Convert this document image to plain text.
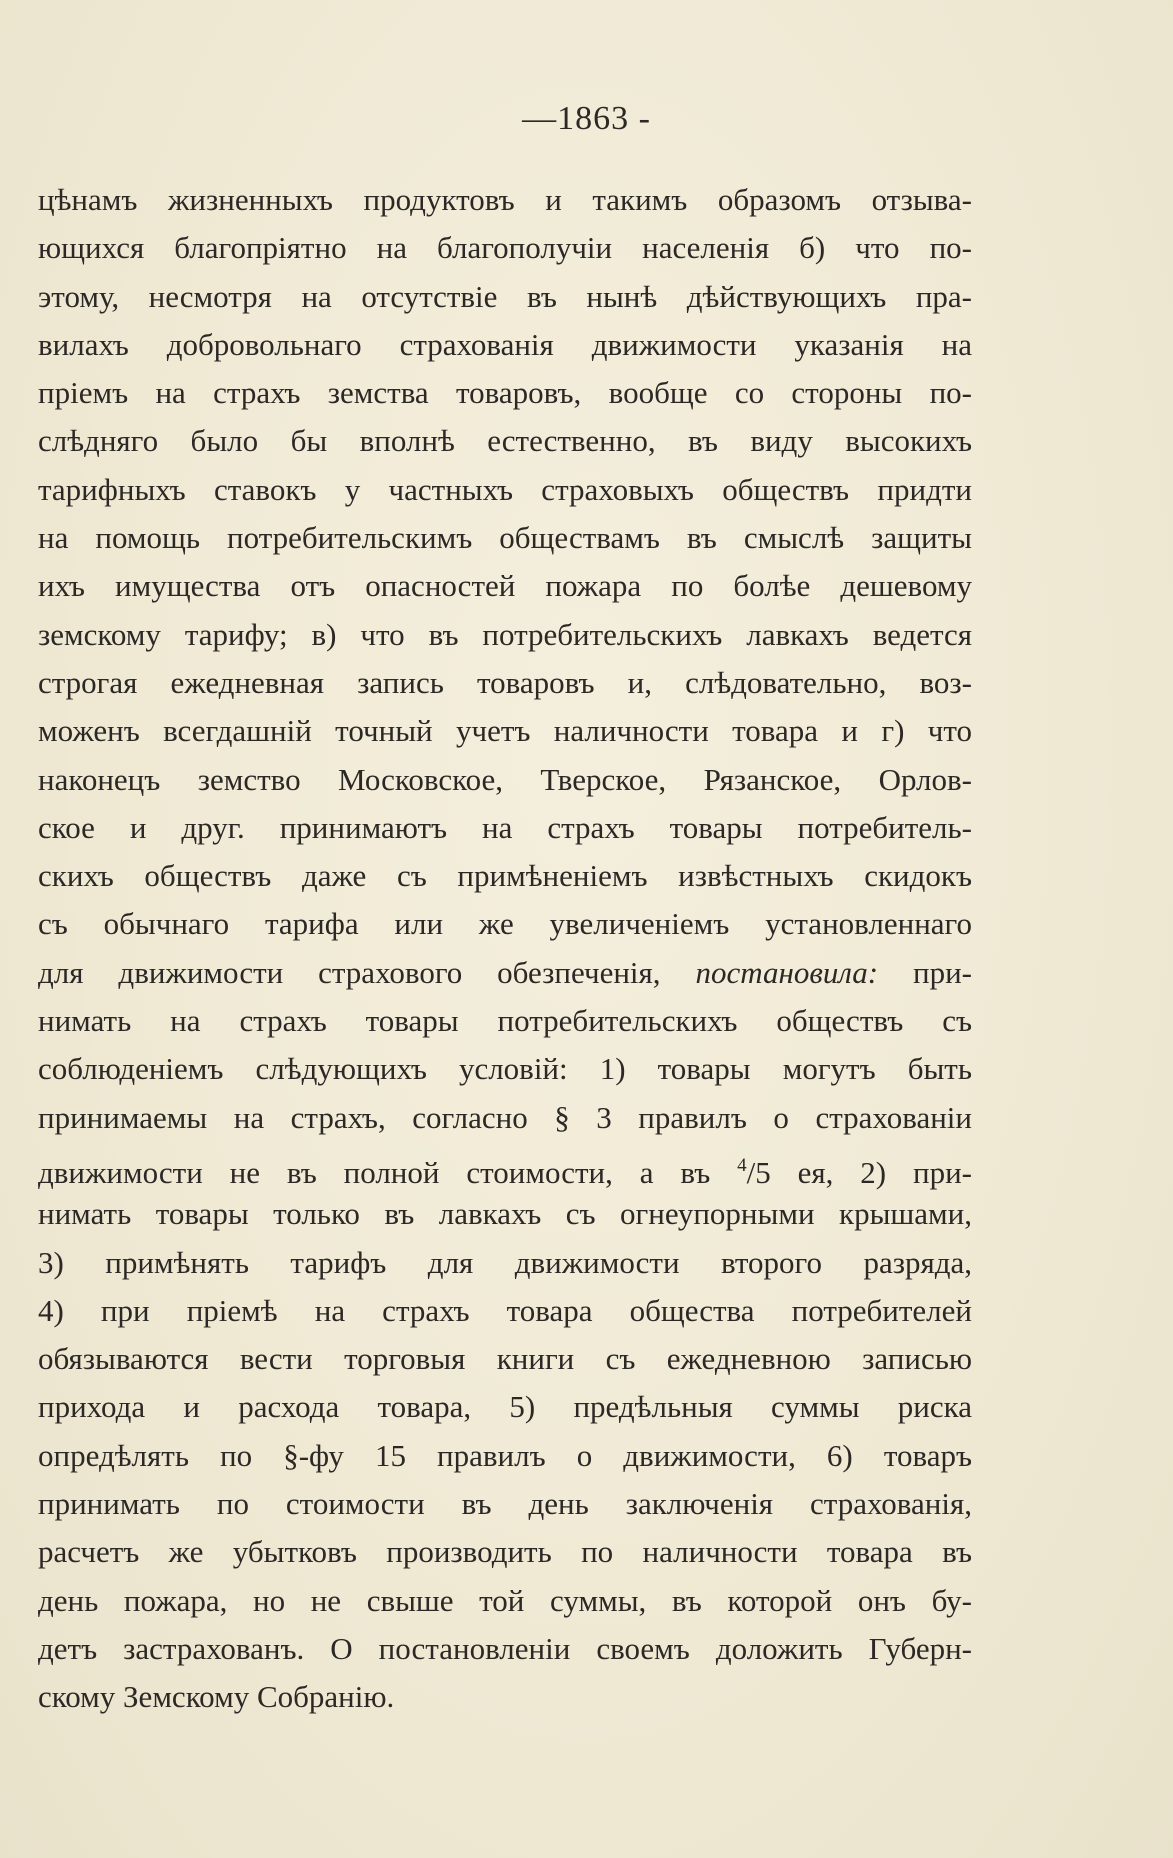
—1863 -
цѣнамъ жизненныхъ продуктовъ и такимъ образомъ отзыва-
ющихся благопріятно на благополучіи населенія б) что по-
этому, несмотря на отсутствіе въ нынѣ дѣйствующихъ пра-
вилахъ добровольнаго страхованія движимости указанія на
пріемъ на страхъ земства товаровъ, вообще со стороны по-
слѣдняго было бы вполнѣ естественно, въ виду высокихъ
тарифныхъ ставокъ у частныхъ страховыхъ обществъ придти
на помощь потребительскимъ обществамъ въ смыслѣ защиты
ихъ имущества отъ опасностей пожара по болѣе дешевому
земскому тарифу; в) что въ потребительскихъ лавкахъ ведется
строгая ежедневная запись товаровъ и, слѣдовательно, воз-
моженъ всегдашній точный учетъ наличности товара и г) что
наконецъ земство Московское, Тверское, Рязанское, Орлов-
ское и друг. принимаютъ на страхъ товары потребитель-
скихъ обществъ даже съ примѣненіемъ извѣстныхъ скидокъ
съ обычнаго тарифа или же увеличеніемъ установленнаго
для движимости страхового обезпеченія, постановила: при-
нимать на страхъ товары потребительскихъ обществъ съ
соблюденіемъ слѣдующихъ условій: 1) товары могутъ быть
принимаемы на страхъ, согласно § 3 правилъ о страхованіи
движимости не въ полной стоимости, а въ $^4$/5 ея, 2) при-
нимать товары только въ лавкахъ съ огнеупорными крышами,
3) примѣнять тарифъ для движимости второго разряда,
4) при пріемѣ на страхъ товара общества потребителей
обязываются вести торговыя книги съ ежедневною записью
прихода и расхода товара, 5) предѣльныя суммы риска
опредѣлять по §-фу 15 правилъ о движимости, 6) товаръ
принимать по стоимости въ день заключенія страхованія,
расчетъ же убытковъ производить по наличности товара въ
день пожара, но не свыше той суммы, въ которой онъ бу-
детъ застрахованъ. О постановленіи своемъ доложить Губерн-
скому Земскому Собранію.
